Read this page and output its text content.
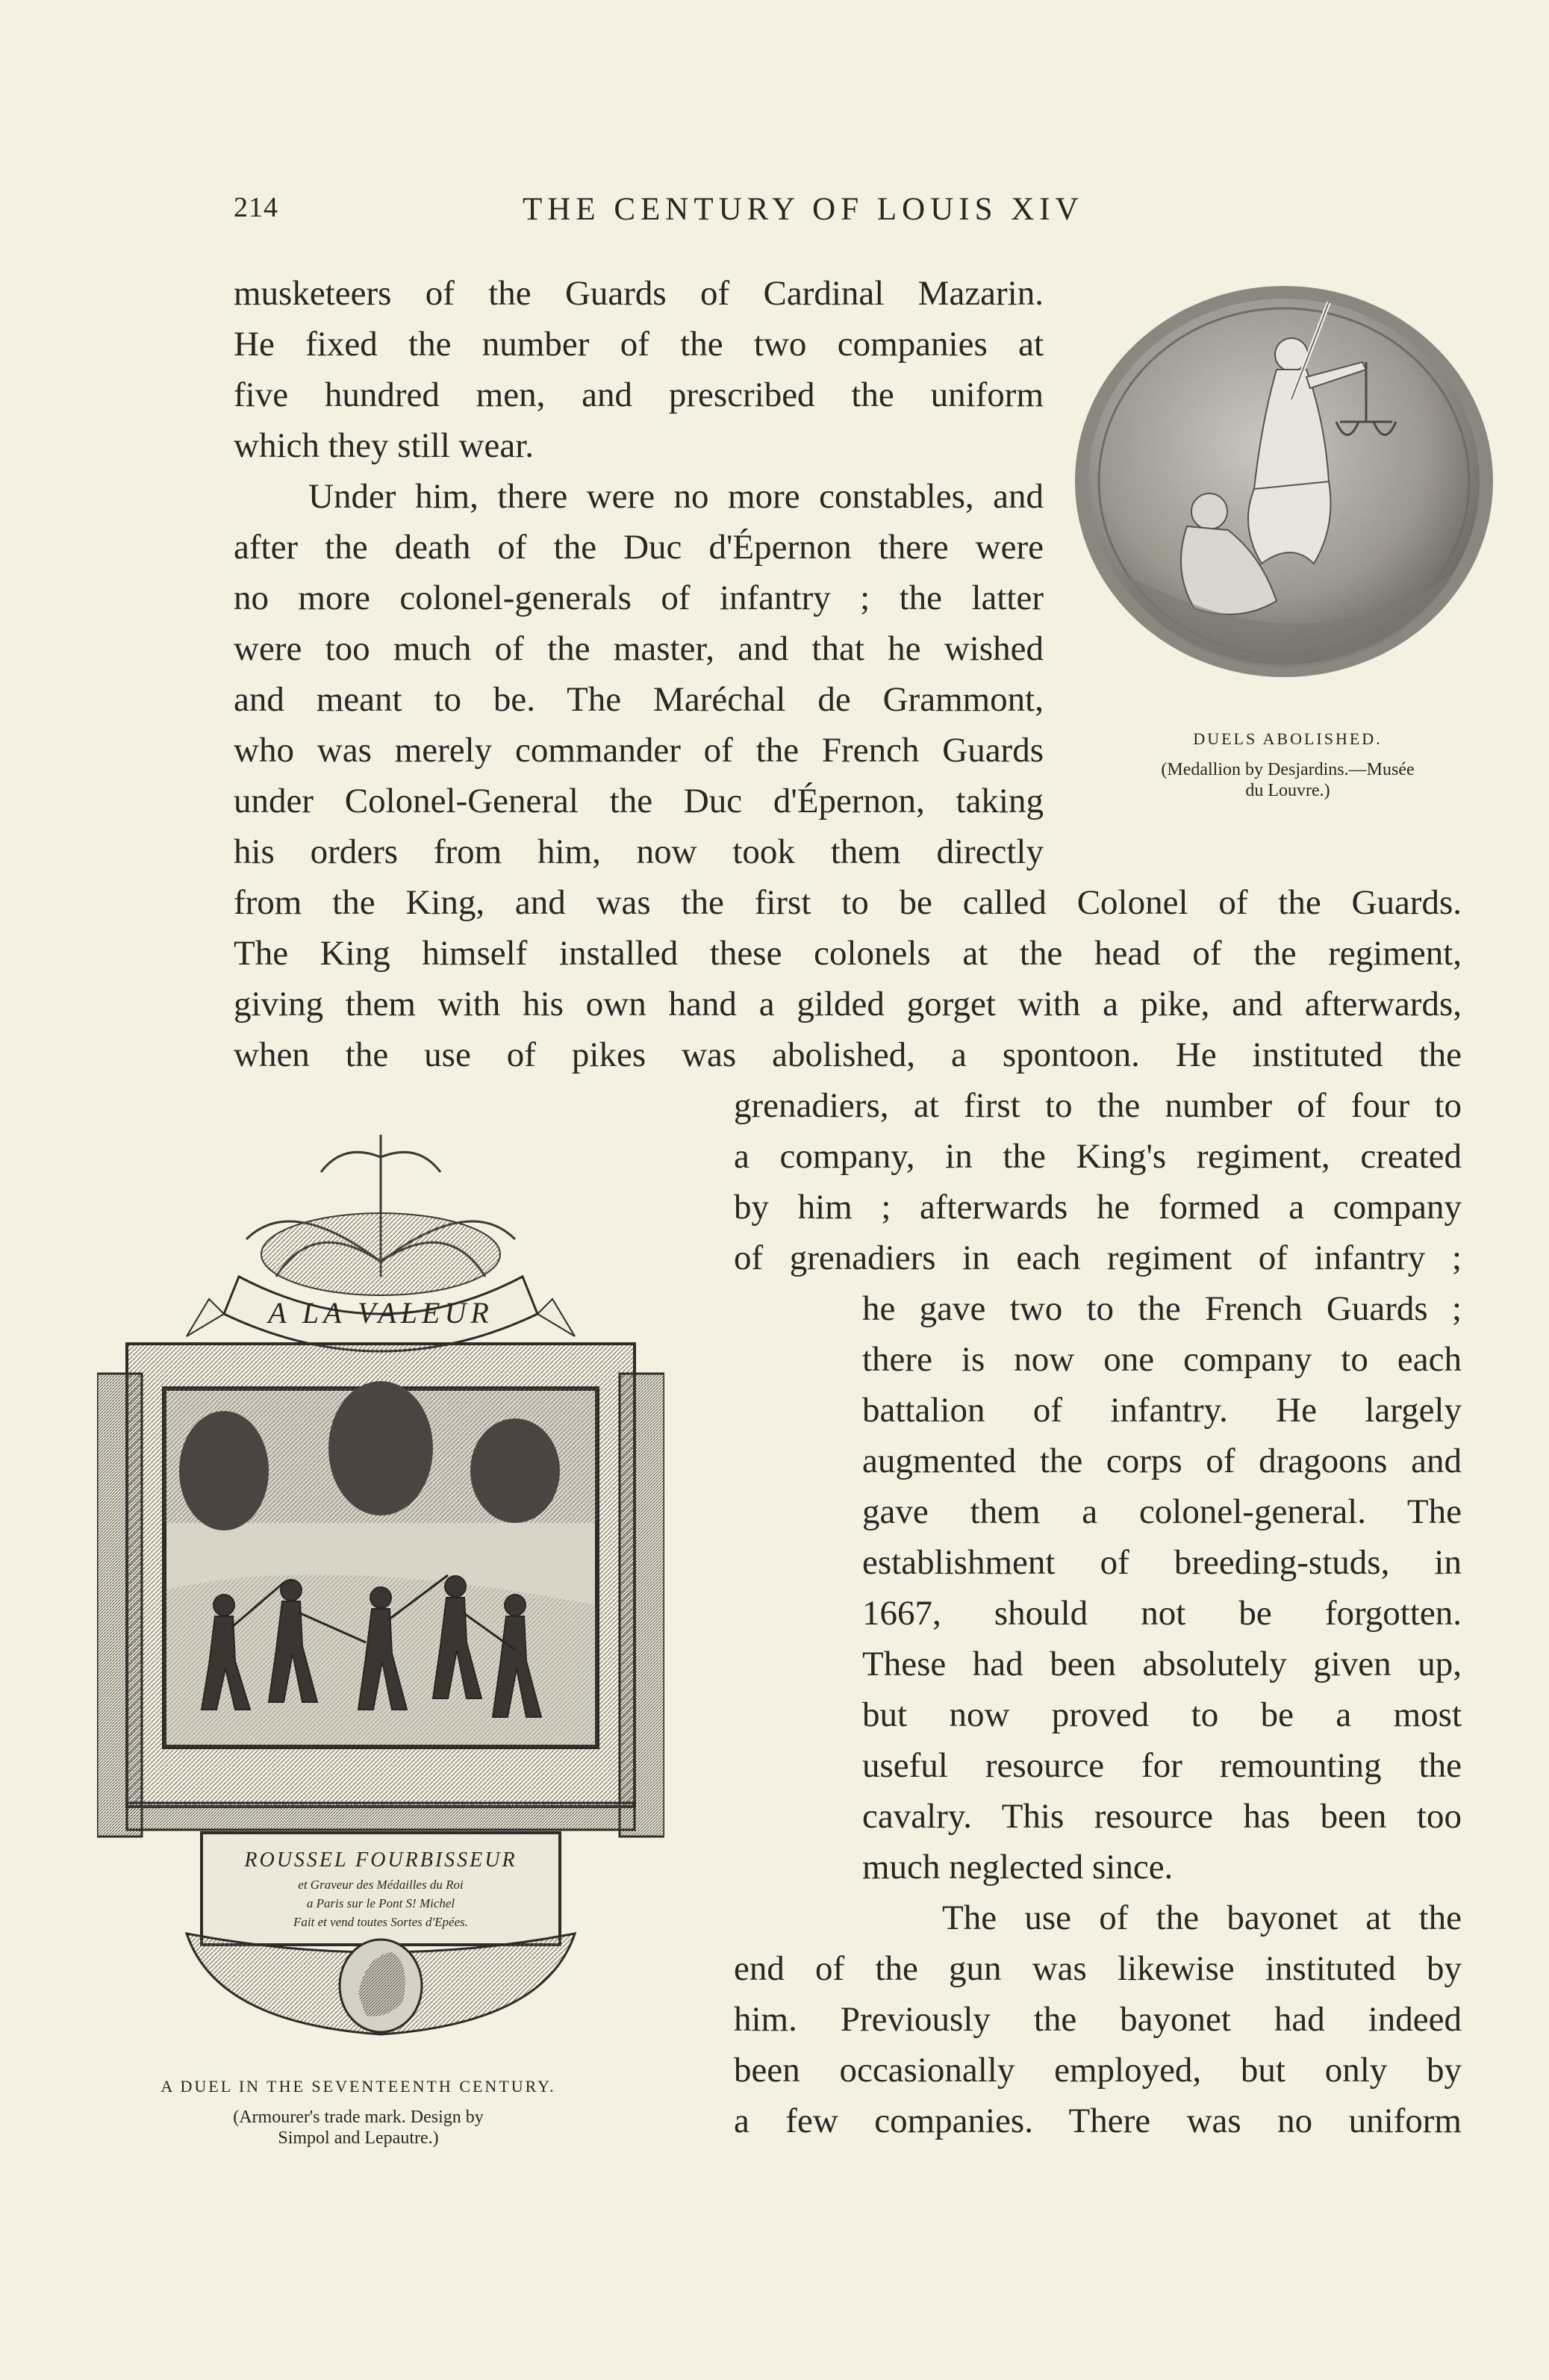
214	THE CENTURY OF LOUIS XIV
musketeers of the Guards of Cardinal Mazarin.
He fixed the number of the two companies at
five hundred men, and prescribed the uniform
which they still wear.
Under him, there were no more constables, and
after the death of the Duc d'Épernon there were
no more colonel-generals of infantry ; the latter
were too much of the master, and that he wished
and meant to be. The Maréchal de Grammont,
who was merely commander of the French Guards
under Colonel-General the Duc d'Épernon, taking
his orders from him, now took them directly
from the King, and was the first to be called Colonel of the Guards.
The King himself installed these colonels at the head of the regiment,
giving them with his own hand a gilded gorget with a pike, and afterwards,
when the use of pikes was abolished, a spontoon. He instituted the
grenadiers, at first to the number of four to
a company, in the King's regiment, created
by him ; afterwards he formed a company
of grenadiers in each regiment of infantry ;
he gave two to the French Guards ;
there is now one company to each
battalion of infantry. He largely
augmented the corps of dragoons and
gave them a colonel-general. The
establishment of breeding-studs, in
1667, should not be forgotten.
These had been absolutely given up,
but now proved to be a most
useful resource for remounting the
cavalry. This resource has been too
much neglected since.
The use of the bayonet at the
end of the gun was likewise instituted by
him. Previously the bayonet had indeed
been occasionally employed, but only by
a few companies. There was no uniform
DUELS ABOLISHED.
(Medallion by Desjardins.—Musée
du Louvre.)
A LA VALEUR
ROUSSEL FOURBISSEUR
et Graveur des Médailles du Roi
a Paris sur le Pont S! Michel
Fait et vend toutes Sortes d'Epées.
A DUEL IN THE SEVENTEENTH CENTURY.
(Armourer's trade mark. Design by
Simpol and Lepautre.)
